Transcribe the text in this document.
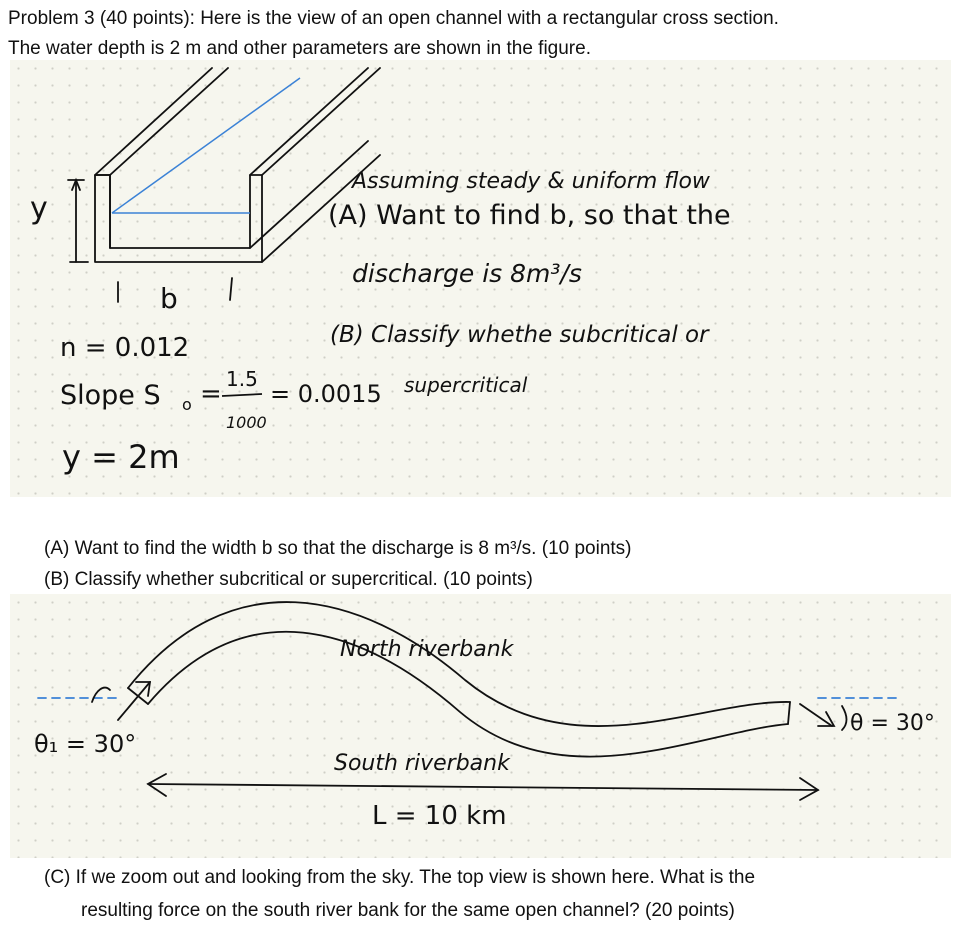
Problem 3 (40 points): Here is the view of an open channel with a rectangular cross section.
The water depth is 2 m and other parameters are shown in the figure.
y
b
n = 0.012
Slope S o = 1.5
1000
= 0.0015
y = 2m
Assuming steady & uniform flow
(A) Want to find b, so that the
discharge is 8m³/s
(B) Classify whethe subcritical or
supercritical
θ₁ = 30°
θ = 30°
North riverbank
South riverbank
L = 10 km
(A) Want to find the width b so that the discharge is 8 m³/s. (10 points)
(B) Classify whether subcritical or supercritical. (10 points)
(C) If we zoom out and looking from the sky. The top view is shown here. What is the
resulting force on the south river bank for the same open channel? (20 points)
